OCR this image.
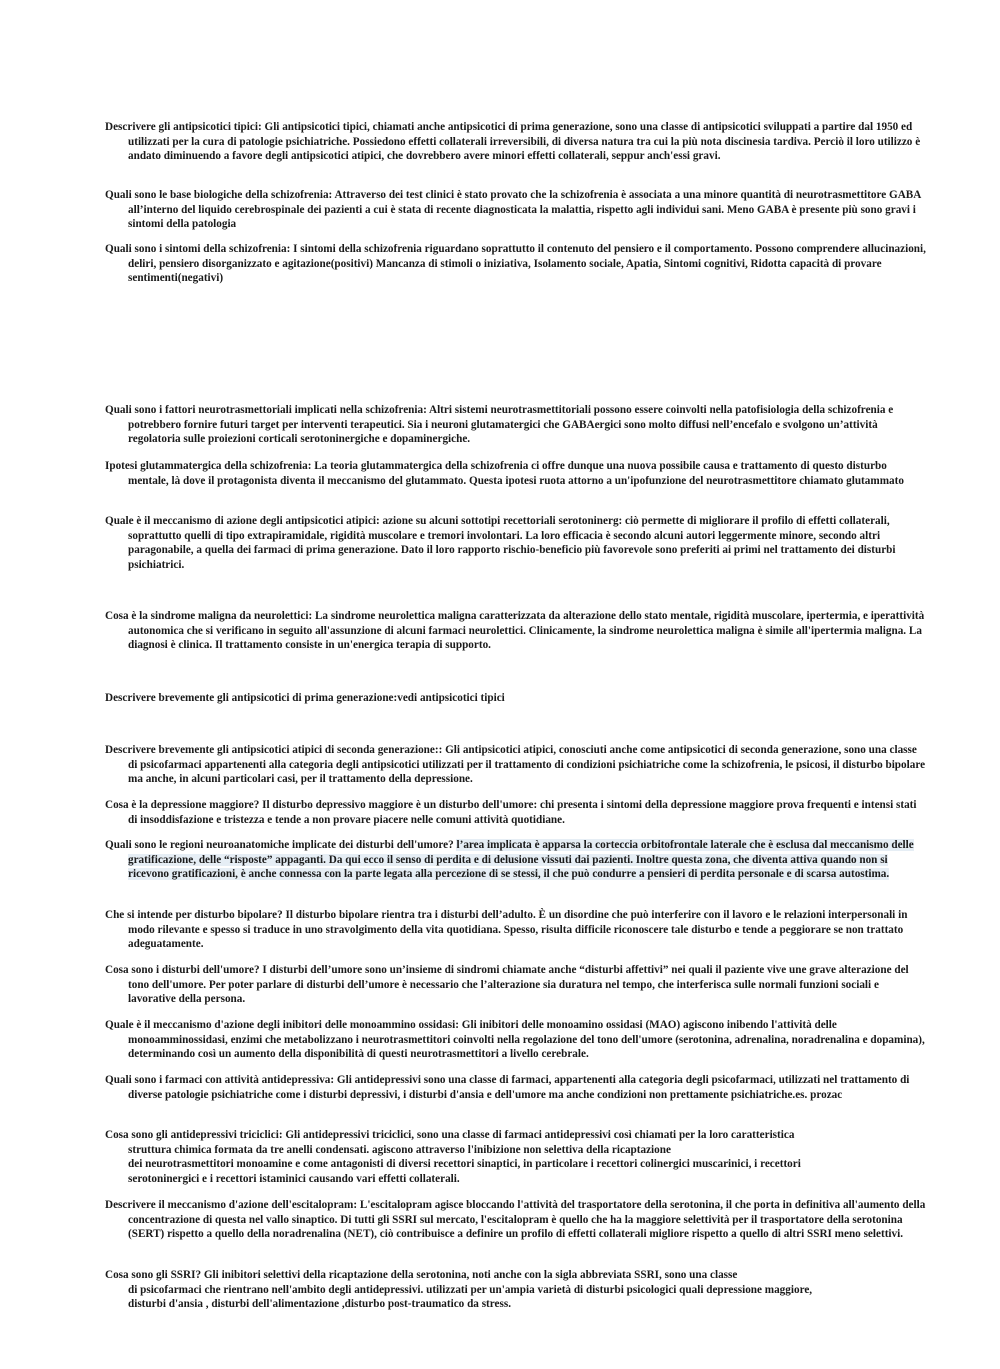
Descrivere gli antipsicotici tipici: Gli antipsicotici tipici, chiamati anche antipsicotici di prima generazione, sono una classe di antipsicotici sviluppati a partire dal 1950 ed utilizzati per la cura di patologie psichiatriche. Possiedono effetti collaterali irreversibili, di diversa natura tra cui la più nota discinesia tardiva. Perciò il loro utilizzo è andato diminuendo a favore degli antipsicotici atipici, che dovrebbero avere minori effetti collaterali, seppur anch'essi gravi.

Quali sono le base biologiche della schizofrenia: Attraverso dei test clinici è stato provato che la schizofrenia è associata a una minore quantità di neurotrasmettitore GABA all’interno del liquido cerebrospinale dei pazienti a cui è stata di recente diagnosticata la malattia, rispetto agli individui sani. Meno GABA è presente più sono gravi i sintomi della patologia

Quali sono i sintomi della schizofrenia: I sintomi della schizofrenia riguardano soprattutto il contenuto del pensiero e il comportamento. Possono comprendere allucinazioni, deliri, pensiero disorganizzato e agitazione(positivi) Mancanza di stimoli o iniziativa, Isolamento sociale, Apatia, Sintomi cognitivi, Ridotta capacità di provare sentimenti(negativi)

Quali sono i fattori neurotrasmettoriali implicati nella schizofrenia: Altri sistemi neurotrasmettitoriali possono essere coinvolti nella patofisiologia della schizofrenia e potrebbero fornire futuri target per interventi terapeutici. Sia i neuroni glutamatergici che GABAergici sono molto diffusi nell’encefalo e svolgono un’attività regolatoria sulle proiezioni corticali serotoninergiche e dopaminergiche.

Ipotesi glutammatergica della schizofrenia: La teoria glutammatergica della schizofrenia ci offre dunque una nuova possibile causa e trattamento di questo disturbo mentale, là dove il protagonista diventa il meccanismo del glutammato. Questa ipotesi ruota attorno a un'ipofunzione del neurotrasmettitore chiamato glutammato

Quale è il meccanismo di azione degli antipsicotici atipici: azione su alcuni sottotipi recettoriali serotoninerg: ciò permette di migliorare il profilo di effetti collaterali, soprattutto quelli di tipo extrapiramidale, rigidità muscolare e tremori involontari. La loro efficacia è secondo alcuni autori leggermente minore, secondo altri paragonabile, a quella dei farmaci di prima generazione. Dato il loro rapporto rischio-beneficio più favorevole sono preferiti ai primi nel trattamento dei disturbi psichiatrici.

Cosa è la sindrome maligna da neurolettici: La sindrome neurolettica maligna caratterizzata da alterazione dello stato mentale, rigidità muscolare, ipertermia, e iperattività autonomica che si verificano in seguito all'assunzione di alcuni farmaci neurolettici. Clinicamente, la sindrome neurolettica maligna è simile all'ipertermia maligna. La diagnosi è clinica. Il trattamento consiste in un'energica terapia di supporto.

Descrivere brevemente gli antipsicotici di prima generazione:vedi antipsicotici tipici

Descrivere brevemente gli antipsicotici atipici di seconda generazione:: Gli antipsicotici atipici, conosciuti anche come antipsicotici di seconda generazione, sono una classe di psicofarmaci appartenenti alla categoria degli antipsicotici utilizzati per il trattamento di condizioni psichiatriche come la schizofrenia, le psicosi, il disturbo bipolare ma anche, in alcuni particolari casi, per il trattamento della depressione.

Cosa è la depressione maggiore? Il disturbo depressivo maggiore è un disturbo dell'umore: chi presenta i sintomi della depressione maggiore prova frequenti e intensi stati di insoddisfazione e tristezza e tende a non provare piacere nelle comuni attività quotidiane.

Quali sono le regioni neuroanatomiche implicate dei disturbi dell'umore? l’area implicata è apparsa la corteccia orbitofrontale laterale che è esclusa dal meccanismo delle gratificazione, delle “risposte” appaganti. Da qui ecco il senso di perdita e di delusione vissuti dai pazienti. Inoltre questa zona, che diventa attiva quando non si ricevono gratificazioni, è anche connessa con la parte legata alla percezione di se stessi, il che può condurre a pensieri di perdita personale e di scarsa autostima.

Che si intende per disturbo bipolare? Il disturbo bipolare rientra tra i disturbi dell’adulto. È un disordine che può interferire con il lavoro e le relazioni interpersonali in modo rilevante e spesso si traduce in uno stravolgimento della vita quotidiana. Spesso, risulta difficile riconoscere tale disturbo e tende a peggiorare se non trattato adeguatamente.

Cosa sono i disturbi dell'umore? I disturbi dell’umore sono un’insieme di sindromi chiamate anche “disturbi affettivi” nei quali il paziente vive une grave alterazione del tono dell'umore. Per poter parlare di disturbi dell’umore è necessario che l’alterazione sia duratura nel tempo, che interferisca sulle normali funzioni sociali e lavorative della persona.

Quale è il meccanismo d'azione degli inibitori delle monoammino ossidasi: Gli inibitori delle monoamino ossidasi (MAO) agiscono inibendo l'attività delle monoamminossidasi, enzimi che metabolizzano i neurotrasmettitori coinvolti nella regolazione del tono dell'umore (serotonina, adrenalina, noradrenalina e dopamina), determinando così un aumento della disponibilità di questi neurotrasmettitori a livello cerebrale.

Quali sono i farmaci con attività antidepressiva: Gli antidepressivi sono una classe di farmaci, appartenenti alla categoria degli psicofarmaci, utilizzati nel trattamento di diverse patologie psichiatriche come i disturbi depressivi, i disturbi d'ansia e dell'umore ma anche condizioni non prettamente psichiatriche.es. prozac

Cosa sono gli antidepressivi triciclici: Gli antidepressivi triciclici, sono una classe di farmaci antidepressivi così chiamati per la loro caratteristica
struttura chimica formata da tre anelli condensati. agiscono attraverso l'inibizione non selettiva della ricaptazione
dei neurotrasmettitori monoamine e come antagonisti di diversi recettori sinaptici, in particolare i recettori colinergici muscarinici, i recettori
serotoninergici e i recettori istaminici causando vari effetti collaterali.

Descrivere il meccanismo d'azione dell'escitalopram: L'escitalopram agisce bloccando l'attività del trasportatore della serotonina, il che porta in definitiva all'aumento della concentrazione di questa nel vallo sinaptico. Di tutti gli SSRI sul mercato, l'escitalopram è quello che ha la maggiore selettività per il trasportatore della serotonina (SERT) rispetto a quello della noradrenalina (NET), ciò contribuisce a definire un profilo di effetti collaterali migliore rispetto a quello di altri SSRI meno selettivi.

Cosa sono gli SSRI? Gli inibitori selettivi della ricaptazione della serotonina, noti anche con la sigla abbreviata SSRI, sono una classe
di psicofarmaci che rientrano nell'ambito degli antidepressivi. utilizzati per un'ampia varietà di disturbi psicologici quali depressione maggiore,
disturbi d'ansia , disturbi dell'alimentazione ,disturbo post-traumatico da stress.
